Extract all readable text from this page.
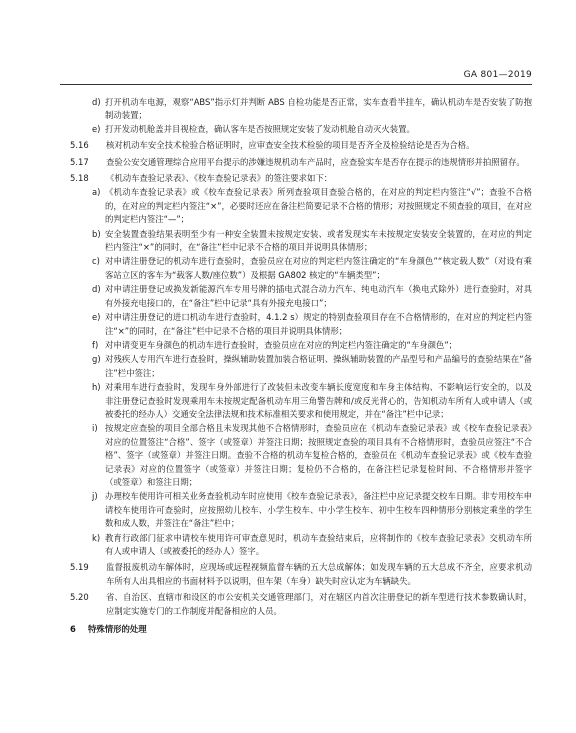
GA 801—2019
d) 打开机动车电源，观察“ABS”指示灯并判断 ABS 自检功能是否正常，实车查看半挂车，确认机动车是否安装了防抱制动装置；
e) 打开发动机舱盖并目视检查，确认客车是否按照规定安装了发动机舱自动灭火装置。
5.16	核对机动车安全技术检验合格证明时，应审查安全技术检验的项目是否齐全及检验结论是否为合格。
5.17	查验公安交通管理综合应用平台提示的涉嫌违规机动车产品时，应查验实车是否存在提示的违规情形并拍照留存。
5.18	《机动车查验记录表》、《校车查验记录表》的签注要求如下：
a) 《机动车查验记录表》或《校车查验记录表》所列查验项目查验合格的，在对应的判定栏内签注“√”；查验不合格的，在对应的判定栏内签注“×”，必要时还应在备注栏简要记录不合格的情形；对按照规定不须查验的项目，在对应的判定栏内签注“—”；
b) 安全装置查验结果表明至少有一种安全装置未按规定安装、或者发现实车未按规定安装安全装置的，在对应的判定栏内签注“×”的同时，在“备注”栏中记录不合格的项目并说明具体情形；
c) 对申请注册登记的机动车进行查验时，查验员应在对应的判定栏内签注确定的“车身颜色”“核定载人数”（对设有乘客站立区的客车为“载客人数/座位数”）及根据 GA802 核定的“车辆类型”；
d) 对申请注册登记或换发新能源汽车专用号牌的插电式混合动力汽车、纯电动汽车（换电式除外）进行查验时，对具有外接充电接口的，在“备注”栏中记录“具有外接充电接口”；
e) 对申请注册登记的进口机动车进行查验时，4.1.2 s）规定的特别查验项目存在不合格情形的，在对应的判定栏内签注“×”的同时，在“备注”栏中记录不合格的项目并说明具体情形；
f) 对申请变更车身颜色的机动车进行查验时，查验员应在对应的判定栏内签注确定的“车身颜色”；
g) 对残疾人专用汽车进行查验时，操纵辅助装置加装合格证明、操纵辅助装置的产品型号和产品编号的查验结果在“备注”栏中签注；
h) 对乘用车进行查验时，发现车身外部进行了改装但未改变车辆长度宽度和车身主体结构、不影响运行安全的，以及非注册登记查验时发现乘用车未按规定配备机动车用三角警告牌和/或反光背心的，告知机动车所有人或申请人（或被委托的经办人）交通安全法律法规和技术标准相关要求和使用规定，并在“备注”栏中记录；
i) 按规定应查验的项目全部合格且未发现其他不合格情形时，查验员应在《机动车查验记录表》或《校车查验记录表》对应的位置签注“合格”、签字（或签章）并签注日期；按照规定查验的项目具有不合格情形时，查验员应签注“不合格”、签字（或签章）并签注日期。查验不合格的机动车复检合格的，查验员在《机动车查验记录表》或《校车查验记录表》对应的位置签字（或签章）并签注日期；复检仍不合格的，在备注栏记录复检时间、不合格情形并签字（或签章）和签注日期；
j) 办理校车使用许可相关业务查验机动车时应使用《校车查验记录表》，备注栏中应记录提交校车日期。非专用校车申请校车使用许可查验时，应按照幼儿校车、小学生校车、中小学生校车、初中生校车四种情形分别核定乘坐的学生数和成人数，并签注在“备注”栏中；
k) 教育行政部门征求申请校车使用许可审查意见时，机动车查验结束后，应将制作的《校车查验记录表》交机动车所有人或申请人（或被委托的经办人）签字。
5.19	监督报废机动车解体时，应现场或远程视频监督车辆的五大总成解体；如发现车辆的五大总成不齐全，应要求机动车所有人出具相应的书面材料予以说明，但车架（车身）缺失时应认定为车辆缺失。
5.20	省、自治区、直辖市和设区的市公安机关交通管理部门，对在辖区内首次注册登记的新车型进行技术参数确认时，应制定实施专门的工作制度并配备相应的人员。
6	特殊情形的处理
